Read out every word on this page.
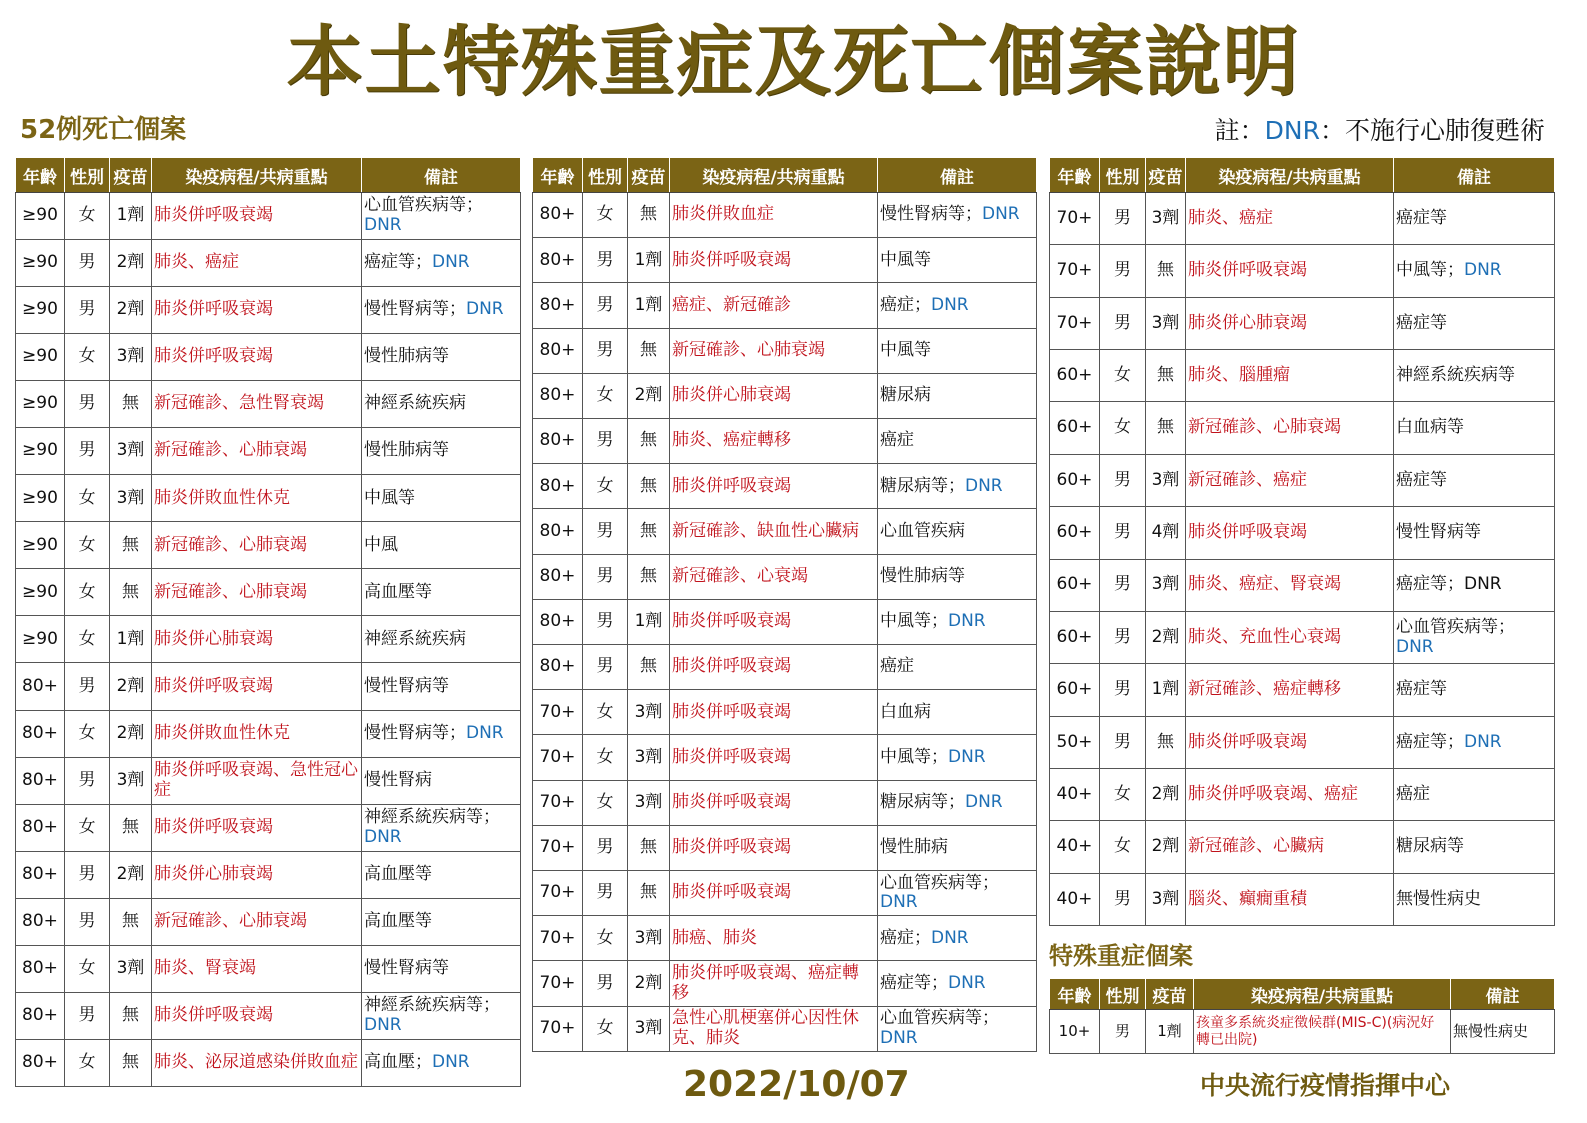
本土特殊重症及死亡個案說明
52例死亡個案	註：DNR：不施行心肺復甦術
年齡	性別	疫苗	染疫病程/共病重點	備註
≥90	女	1劑	肺炎併呼吸衰竭	心血管疾病等；DNR
≥90	男	2劑	肺炎、癌症	癌症等；DNR
≥90	男	2劑	肺炎併呼吸衰竭	慢性腎病等；DNR
≥90	女	3劑	肺炎併呼吸衰竭	慢性肺病等
≥90	男	無	新冠確診、急性腎衰竭	神經系統疾病
≥90	男	3劑	新冠確診、心肺衰竭	慢性肺病等
≥90	女	3劑	肺炎併敗血性休克	中風等
≥90	女	無	新冠確診、心肺衰竭	中風
≥90	女	無	新冠確診、心肺衰竭	高血壓等
≥90	女	1劑	肺炎併心肺衰竭	神經系統疾病
80+	男	2劑	肺炎併呼吸衰竭	慢性腎病等
80+	女	2劑	肺炎併敗血性休克	慢性腎病等；DNR
80+	男	3劑	肺炎併呼吸衰竭、急性冠心症	慢性腎病
80+	女	無	肺炎併呼吸衰竭	神經系統疾病等；DNR
80+	男	2劑	肺炎併心肺衰竭	高血壓等
80+	男	無	新冠確診、心肺衰竭	高血壓等
80+	女	3劑	肺炎、腎衰竭	慢性腎病等
80+	男	無	肺炎併呼吸衰竭	神經系統疾病等；DNR
80+	女	無	肺炎、泌尿道感染併敗血症	高血壓；DNR
年齡	性別	疫苗	染疫病程/共病重點	備註
80+	女	無	肺炎併敗血症	慢性腎病等；DNR
80+	男	1劑	肺炎併呼吸衰竭	中風等
80+	男	1劑	癌症、新冠確診	癌症；DNR
80+	男	無	新冠確診、心肺衰竭	中風等
80+	女	2劑	肺炎併心肺衰竭	糖尿病
80+	男	無	肺炎、癌症轉移	癌症
80+	女	無	肺炎併呼吸衰竭	糖尿病等；DNR
80+	男	無	新冠確診、缺血性心臟病	心血管疾病
80+	男	無	新冠確診、心衰竭	慢性肺病等
80+	男	1劑	肺炎併呼吸衰竭	中風等；DNR
80+	男	無	肺炎併呼吸衰竭	癌症
70+	女	3劑	肺炎併呼吸衰竭	白血病
70+	女	3劑	肺炎併呼吸衰竭	中風等；DNR
70+	女	3劑	肺炎併呼吸衰竭	糖尿病等；DNR
70+	男	無	肺炎併呼吸衰竭	慢性肺病
70+	男	無	肺炎併呼吸衰竭	心血管疾病等；DNR
70+	女	3劑	肺癌、肺炎	癌症；DNR
70+	男	2劑	肺炎併呼吸衰竭、癌症轉移	癌症等；DNR
70+	女	3劑	急性心肌梗塞併心因性休克、肺炎	心血管疾病等；DNR
年齡	性別	疫苗	染疫病程/共病重點	備註
70+	男	3劑	肺炎、癌症	癌症等
70+	男	無	肺炎併呼吸衰竭	中風等；DNR
70+	男	3劑	肺炎併心肺衰竭	癌症等
60+	女	無	肺炎、腦腫瘤	神經系統疾病等
60+	女	無	新冠確診、心肺衰竭	白血病等
60+	男	3劑	新冠確診、癌症	癌症等
60+	男	4劑	肺炎併呼吸衰竭	慢性腎病等
60+	男	3劑	肺炎、癌症、腎衰竭	癌症等；DNR
60+	男	2劑	肺炎、充血性心衰竭	心血管疾病等；DNR
60+	男	1劑	新冠確診、癌症轉移	癌症等
50+	男	無	肺炎併呼吸衰竭	癌症等；DNR
40+	女	2劑	肺炎併呼吸衰竭、癌症	癌症
40+	女	2劑	新冠確診、心臟病	糖尿病等
40+	男	3劑	腦炎、癲癇重積	無慢性病史
特殊重症個案
年齡	性別	疫苗	染疫病程/共病重點	備註
10+	男	1劑	孩童多系統炎症徵候群(MIS-C)(病況好轉已出院)	無慢性病史
2022/10/07	中央流行疫情指揮中心
